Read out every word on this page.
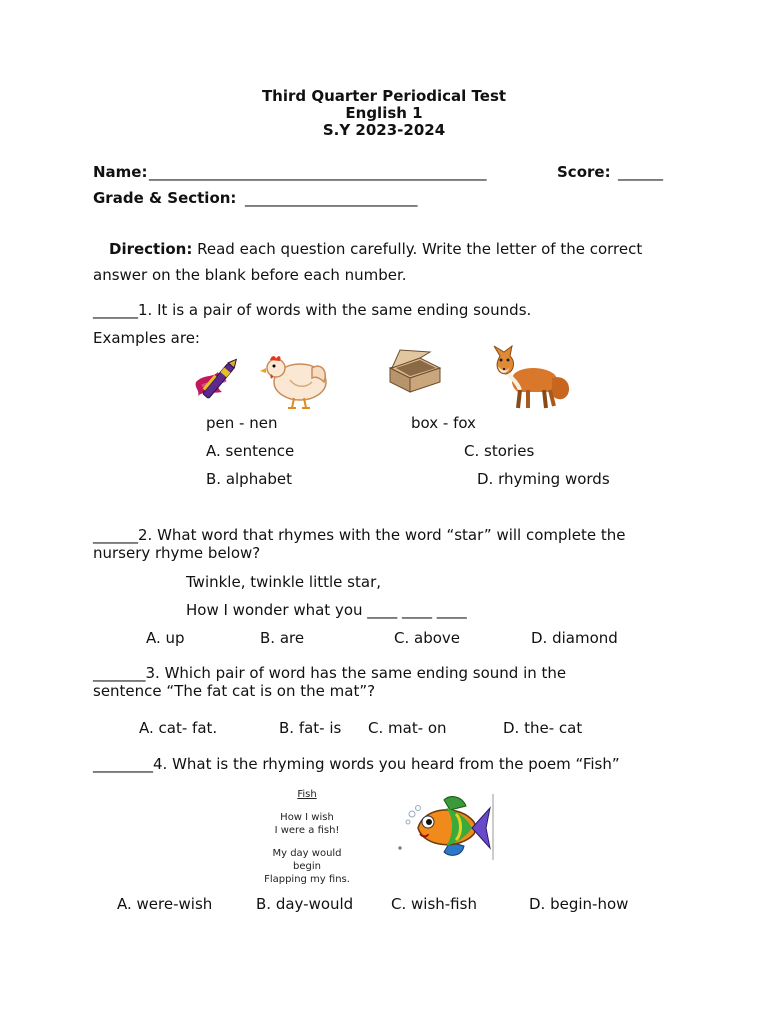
Third Quarter Periodical Test
English 1
S.Y 2023-2024
Name: _____________________________________________	Score: ______
Grade & Section: _______________________
Direction: Read each question carefully. Write the letter of the correct
answer on the blank before each number.
______1. It is a pair of words with the same ending sounds.
Examples are:
pen - nen	box - fox
A. sentence	C. stories
B. alphabet	D. rhyming words
______2. What word that rhymes with the word “star” will complete the
nursery rhyme below?
Twinkle, twinkle little star,
How I wonder what you ____ ____ ____
A. up	B. are	C. above	D. diamond
_______3. Which pair of word has the same ending sound in the
sentence “The fat cat is on the mat”?
A. cat- fat.	B. fat- is C. mat- on	D. the- cat
________4. What is the rhyming words you heard from the poem “Fish”
Fish
How I wish
I were a fish!
My day would begin
Flapping my fins.
A. were-wish	B. day-would	C. wish-fish	D. begin-how
